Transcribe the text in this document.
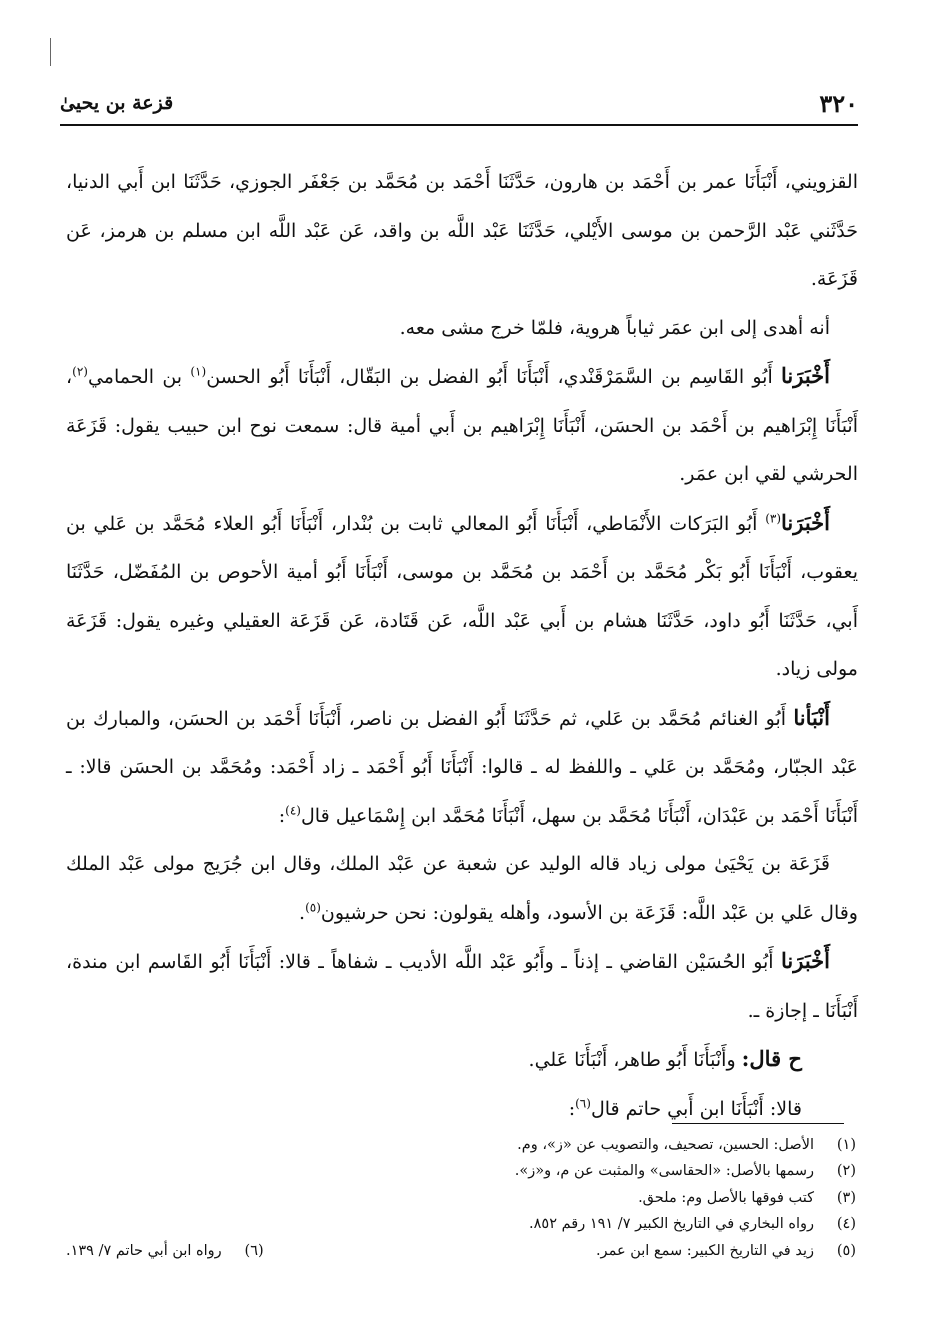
٣٢٠
قزعة بن يحيىٰ

القزويني، أَنْبَأَنَا عمر بن أَحْمَد بن هارون، حَدَّثَنَا أَحْمَد بن مُحَمَّد بن جَعْفَر الجوزي، حَدَّثَنَا ابن أَبي الدنيا، حَدَّثَني عَبْد الرَّحمن بن موسى الأَيْلي، حَدَّثَنَا عَبْد اللَّه بن واقد، عَن عَبْد اللَّه ابن مسلم بن هرمز، عَن قَزَعَة.

أنه أهدى إلى ابن عمَر ثياباً هروية، فلمّا خرج مشى معه.

أَخْبَرَنا أَبُو القَاسِم بن السَّمَرْقَنْدي، أَنْبَأَنَا أَبُو الفضل بن البَقّال، أَنْبَأَنَا أَبُو الحسن$^{(١)}$ بن الحمامي$^{(٢)}$، أَنْبَأَنَا إِبْرَاهيم بن أَحْمَد بن الحسَن، أَنْبَأَنَا إِبْرَاهيم بن أَبي أمية قال: سمعت نوح ابن حبيب يقول: قَزَعَة الحرشي لقي ابن عمَر.

أَخْبَرَنا$^{(٣)}$ أَبُو البَرَكات الأَنْمَاطي، أَنْبَأَنَا أَبُو المعالي ثابت بن بُنْدار، أَنْبَأَنَا أَبُو العلاء مُحَمَّد بن عَلي بن يعقوب، أَنْبَأَنَا أَبُو بَكْر مُحَمَّد بن أَحْمَد بن مُحَمَّد بن موسى، أَنْبَأَنَا أَبُو أمية الأحوص بن المُفَضّل، حَدَّثَنَا أَبي، حَدَّثَنَا أَبُو داود، حَدَّثَنَا هشام بن أَبي عَبْد اللَّه، عَن قَتَادة، عَن قَزَعَة العقيلي وغيره يقول: قَزَعَة مولى زياد.

أَنْبَأنا أَبُو الغنائم مُحَمَّد بن عَلي، ثم حَدَّثَنَا أَبُو الفضل بن ناصر، أَنْبَأَنَا أَحْمَد بن الحسَن، والمبارك بن عَبْد الجبّار، ومُحَمَّد بن عَلي ـ واللفظ له ـ قالوا: أَنْبَأَنَا أَبُو أَحْمَد ـ زاد أَحْمَد: ومُحَمَّد بن الحسَن قالا: ـ أَنْبَأَنَا أَحْمَد بن عَبْدَان، أَنْبَأَنَا مُحَمَّد بن سهل، أَنْبَأَنَا مُحَمَّد ابن إِسْمَاعيل قال$^{(٤)}$:

قَزَعَة بن يَحْيَىٰ مولى زياد قاله الوليد عن شعبة عن عَبْد الملك، وقال ابن جُرَيج مولى عَبْد الملك وقال عَلي بن عَبْد اللَّه: قَزَعَة بن الأسود، وأهله يقولون: نحن حرشيون$^{(٥)}$.

أَخْبَرَنا أَبُو الحُسَيْن القاضي ـ إذناً ـ وأَبُو عَبْد اللَّه الأديب ـ شفاهاً ـ قالا: أَنْبَأَنَا أَبُو القَاسم ابن مندة، أَنْبَأَنَا ـ إجازة ـ.

ح قال: وأَنْبَأَنَا أَبُو طاهر، أَنْبَأَنَا عَلي.

قالا: أَنْبَأَنَا ابن أَبي حاتم قال$^{(٦)}$:

(١)
الأصل: الحسين، تصحيف، والتصويب عن «ز»، وم.
(٢)
رسمها بالأصل: «الحقاسى» والمثبت عن م، و«ز».
(٣)
كتب فوقها بالأصل وم: ملحق.
(٤)
رواه البخاري في التاريخ الكبير ٧/ ١٩١ رقم ٨٥٢.
(٥)
زيد في التاريخ الكبير: سمع ابن عمر.
(٦)
رواه ابن أبي حاتم ٧/ ١٣٩.
